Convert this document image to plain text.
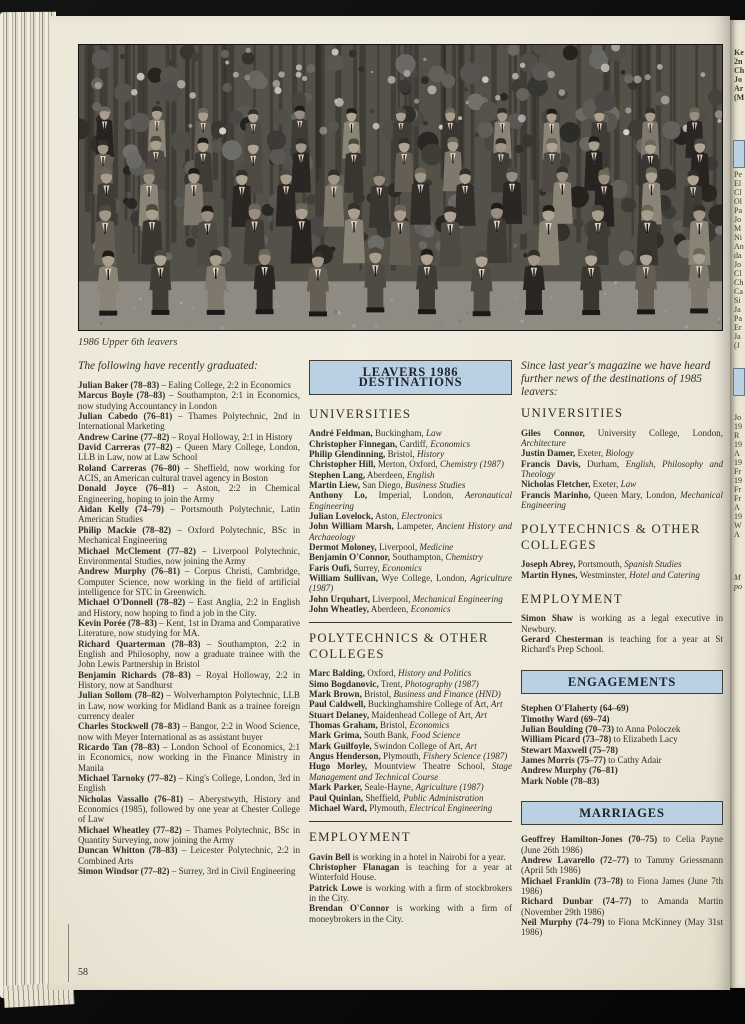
1986 Upper 6th leavers

The following have recently graduated:

Julian Baker (78–83) – Ealing College, 2:2 in Economics

Marcus Boyle (78–83) – Southampton, 2:1 in Economics, now studying Accountancy in London

Julian Cabedo (76–81) – Thames Polytechnic, 2nd in International Marketing

Andrew Carine (77–82) – Royal Holloway, 2:1 in History

David Carreras (77–82) – Queen Mary College, London, LLB in Law, now at Law School

Roland Carreras (76–80) – Sheffield, now working for ACIS, an American cultural travel agency in Boston

Donald Joyce (76–81) – Aston, 2:2 in Chemical Engineering, hoping to join the Army

Aidan Kelly (74–79) – Portsmouth Polytechnic, Latin American Studies

Philip Mackie (78–82) – Oxford Polytechnic, BSc in Mechanical Engineering

Michael McClement (77–82) – Liverpool Polytechnic, Environmental Studies, now joining the Army

Andrew Murphy (76–81) – Corpus Christi, Cambridge, Computer Science, now working in the field of artificial intelligence for STC in Greenwich.

Michael O'Donnell (78–82) – East Anglia, 2:2 in English and History, now hoping to find a job in the City.

Kevin Porée (78–83) – Kent, 1st in Drama and Comparative Literature, now studying for MA.

Richard Quarterman (78–83) – Southampton, 2:2 in English and Philosophy, now a graduate trainee with the John Lewis Partnership in Bristol

Benjamin Richards (78–83) – Royal Holloway, 2:2 in History, now at Sandhurst

Julian Sollom (78–82) – Wolverhampton Polytechnic, LLB in Law, now working for Midland Bank as a trainee foreign currency dealer

Charles Stockwell (78–83) – Bangor, 2:2 in Wood Science, now with Meyer International as as assistant buyer

Ricardo Tan (78–83) – London School of Economics, 2:1 in Economics, now working in the Finance Ministry in Manila

Michael Tarnoky (77–82) – King's College, London, 3rd in English

Nicholas Vassallo (76–81) – Aberystwyth, History and Economics (1985), followed by one year at Chester College of Law

Michael Wheatley (77–82) – Thames Polytechnic, BSc in Quantity Surveying, now joining the Army

Duncan Whitton (78–83) – Leicester Polytechnic, 2:2 in Combined Arts

Simon Windsor (77–82) – Surrey, 3rd in Civil Engineering

LEAVERS 1986 DESTINATIONS
UNIVERSITIES

André Feldman, Buckingham, Law

Christopher Finnegan, Cardiff, Economics

Philip Glendinning, Bristol, History

Christopher Hill, Merton, Oxford, Chemistry (1987)

Stephen Lang, Aberdeen, English

Martin Liew, San Diego, Business Studies

Anthony Lo, Imperial, London, Aeronautical Engineering

Julian Lovelock, Aston, Electronics

John William Marsh, Lampeter, Ancient History and Archaeology

Dermot Moloney, Liverpool, Medicine

Benjamin O'Connor, Southampton, Chemistry

Faris Oufi, Surrey, Economics

William Sullivan, Wye College, London, Agriculture (1987)

John Urquhart, Liverpool, Mechanical Engineering

John Wheatley, Aberdeen, Economics

POLYTECHNICS & OTHER COLLEGES

Marc Balding, Oxford, History and Politics

Simo Bogdanovic, Trent, Photography (1987)

Mark Brown, Bristol, Business and Finance (HND)

Paul Caldwell, Buckinghamshire College of Art, Art

Stuart Delaney, Maidenhead College of Art, Art

Thomas Graham, Bristol, Economics

Mark Grima, South Bank, Food Science

Mark Guilfoyle, Swindon College of Art, Art

Angus Henderson, Plymouth, Fishery Science (1987)

Hugo Morley, Mountview Theatre School, Stage Management and Technical Course

Mark Parker, Seale-Hayne, Agriculture (1987)

Paul Quinlan, Sheffield, Public Administration

Michael Ward, Plymouth, Electrical Engineering

EMPLOYMENT

Gavin Bell is working in a hotel in Nairobi for a year.

Christopher Flanagan is teaching for a year at Winterfold House.

Patrick Lowe is working with a firm of stockbrokers in the City.

Brendan O'Connor is working with a firm of moneybrokers in the City.

Since last year's magazine we have heard further news of the destinations of 1985 leavers:

UNIVERSITIES

Giles Connor, University College, London, Architecture

Justin Damer, Exeter, Biology

Francis Davis, Durham, English, Philosophy and Theology

Nicholas Fletcher, Exeter, Law

Francis Marinho, Queen Mary, London, Mechanical Engineering

POLYTECHNICS & OTHER COLLEGES

Joseph Abrey, Portsmouth, Spanish Studies

Martin Hynes, Westminster, Hotel and Catering

EMPLOYMENT

Simon Shaw is working as a legal executive in Newbury.

Gerard Chesterman is teaching for a year at St Richard's Prep School.

ENGAGEMENTS

Stephen O'Flaherty (64–69)

Timothy Ward (69–74)

Julian Boulding (70–73) to Anna Poloczek

William Picard (73–78) to Elizabeth Lacy

Stewart Maxwell (75–78)

James Morris (75–77) to Cathy Adair

Andrew Murphy (76–81)

Mark Noble (78–83)

MARRIAGES

Geoffrey Hamilton-Jones (70–75) to Celia Payne (June 26th 1986)

Andrew Lavarello (72–77) to Tammy Griessmann (April 5th 1986)

Michael Franklin (73–78) to Fiona James (June 7th 1986)

Richard Dunbar (74–77) to Amanda Martin (November 29th 1986)

Neil Murphy (74–79) to Fiona McKinney (May 31st 1986)

58
Ke
2n
Ch
Jo
Ar
(M
Pe
El
Cl
Ol
Pa
Jo
M
Ni
An
da
Jo
Cl
Ch
Ca
Si
Ja
Pa
Er
Ja
(J
Jo
19
R
19
A
19
Fr
19
Fr
Fr
A
19
W
A
M
po
